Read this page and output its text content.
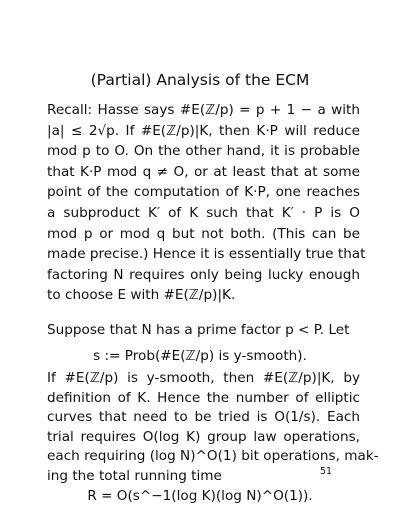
(Partial) Analysis of the ECM
Recall: Hasse says #E(ℤ/p) = p + 1 − a with
|a| ≤ 2√p. If #E(ℤ/p)|K, then K·P will reduce
mod p to O. On the other hand, it is probable
that K·P mod q ≠ O, or at least that at some
point of the computation of K·P, one reaches
a subproduct K′ of K such that K′ · P is O
mod p or mod q but not both. (This can be
made precise.) Hence it is essentially true that
factoring N requires only being lucky enough
to choose E with #E(ℤ/p)|K.
Suppose that N has a prime factor p < P. Let
s := Prob(#E(ℤ/p) is y-smooth).
If #E(ℤ/p) is y-smooth, then #E(ℤ/p)|K, by
definition of K. Hence the number of elliptic
curves that need to be tried is O(1/s). Each
trial requires O(log K) group law operations,
each requiring (log N)^O(1) bit operations, mak-
ing the total running time	51
R = O(s^−1(log K)(log N)^O(1)).
